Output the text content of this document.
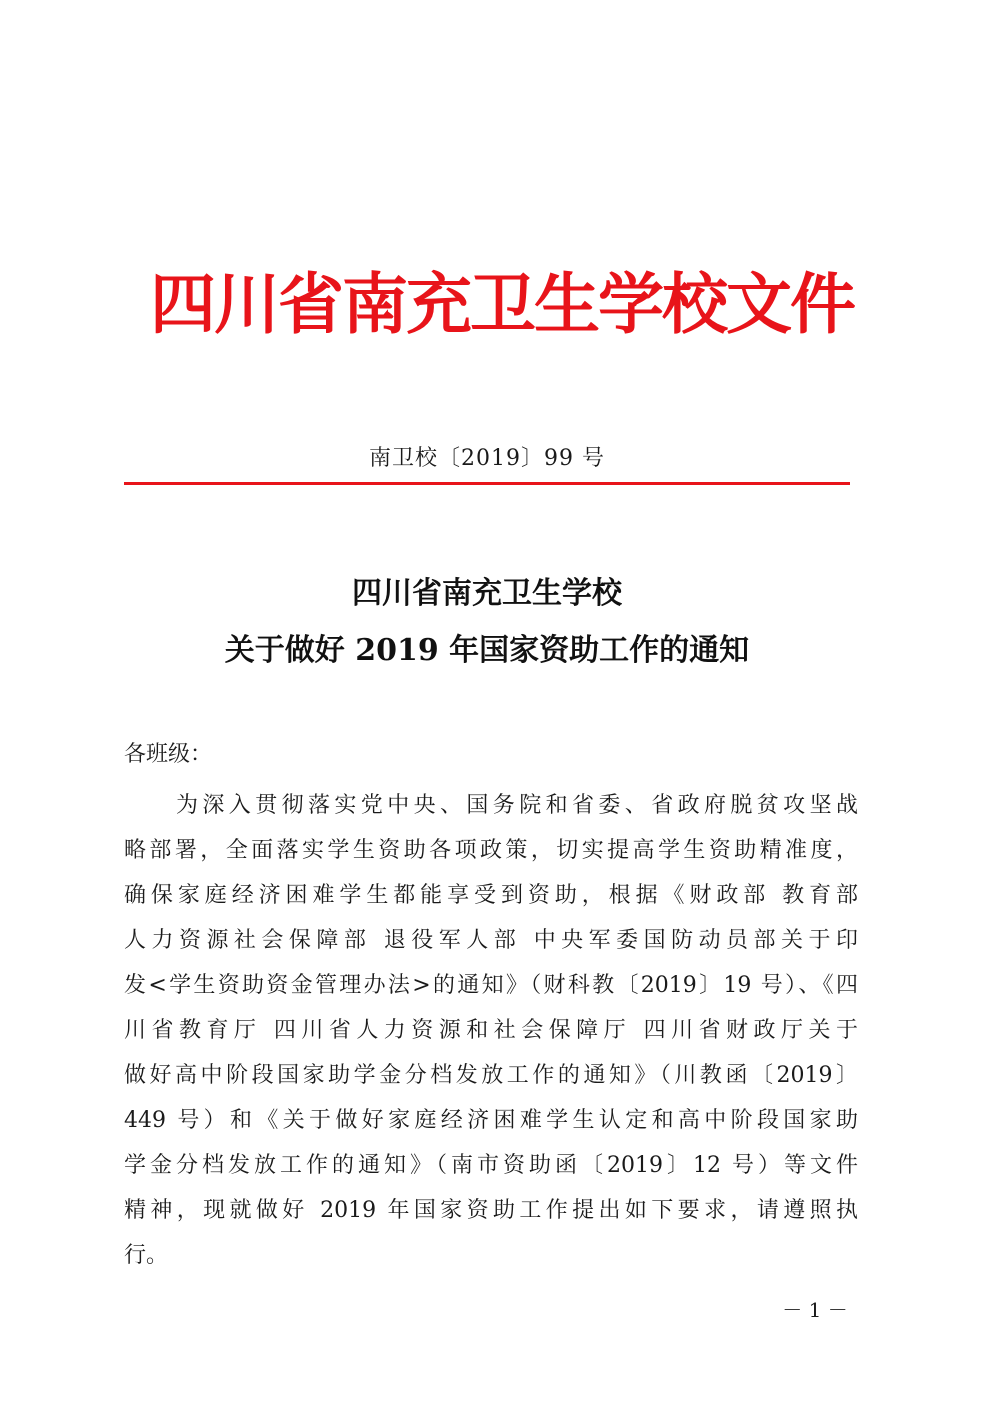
四川省南充卫生学校文件
南卫校〔2019〕99 号
四川省南充卫生学校
关于做好 2019 年国家资助工作的通知
各班级：
为深入贯彻落实党中央、国务院和省委、省政府脱贫攻坚战
略部署，全面落实学生资助各项政策，切实提高学生资助精准度，
确保家庭经济困难学生都能享受到资助，根据《财政部 教育部
人力资源社会保障部 退役军人部 中央军委国防动员部关于印
发<学生资助资金管理办法>的通知》（财科教〔2019〕19 号）、《四
川省教育厅 四川省人力资源和社会保障厅 四川省财政厅关于
做好高中阶段国家助学金分档发放工作的通知》（川教函〔2019〕
449 号）和《关于做好家庭经济困难学生认定和高中阶段国家助
学金分档发放工作的通知》（南市资助函〔2019〕12 号）等文件
精神，现就做好 2019 年国家资助工作提出如下要求，请遵照执
行。
－ 1 －
